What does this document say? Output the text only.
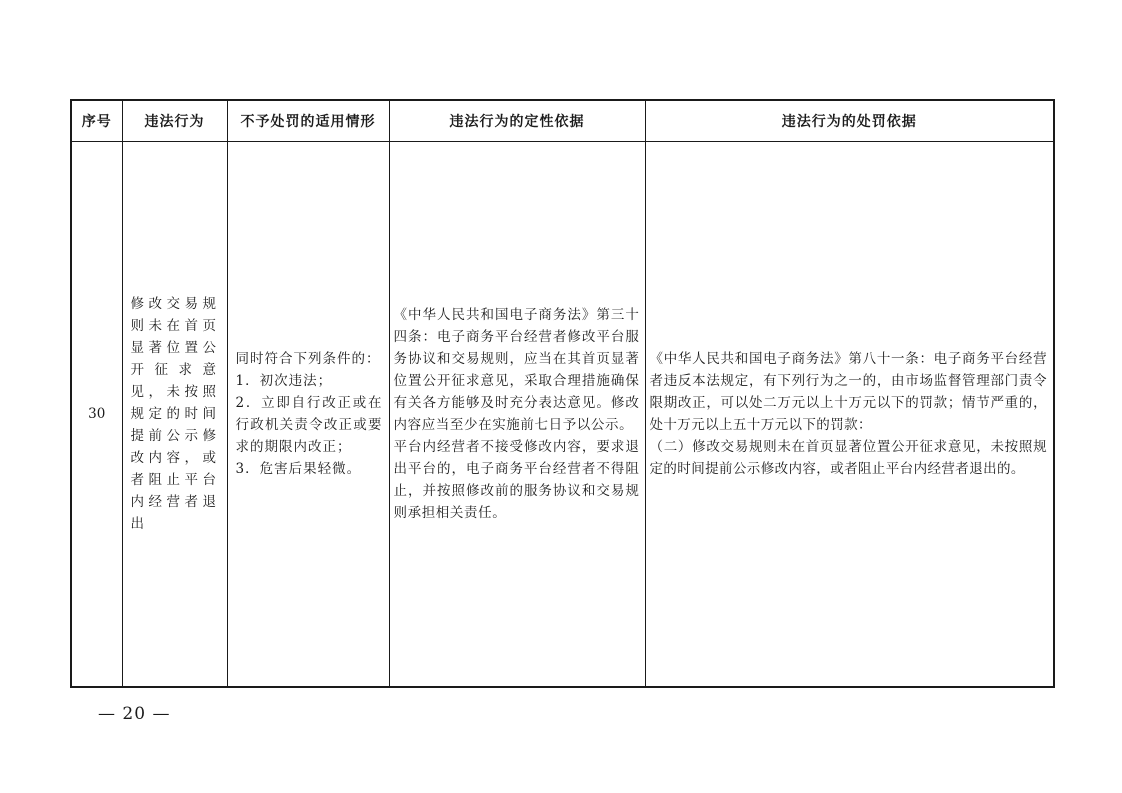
序号	违法行为	不予处罚的适用情形	违法行为的定性依据	违法行为的处罚依据
30	修改交易规则未在首页显著位置公开征求意见，未按照规定的时间提前公示修改内容，或者阻止平台内经营者退出	同时符合下列条件的：
1．初次违法；
2．立即自行改正或在行政机关责令改正或要求的期限内改正；
3．危害后果轻微。	《中华人民共和国电子商务法》第三十四条：电子商务平台经营者修改平台服务协议和交易规则，应当在其首页显著位置公开征求意见，采取合理措施确保有关各方能够及时充分表达意见。修改内容应当至少在实施前七日予以公示。
平台内经营者不接受修改内容，要求退出平台的，电子商务平台经营者不得阻止，并按照修改前的服务协议和交易规则承担相关责任。	《中华人民共和国电子商务法》第八十一条：电子商务平台经营者违反本法规定，有下列行为之一的，由市场监督管理部门责令限期改正，可以处二万元以上十万元以下的罚款；情节严重的，处十万元以上五十万元以下的罚款：
（二）修改交易规则未在首页显著位置公开征求意见，未按照规定的时间提前公示修改内容，或者阻止平台内经营者退出的。
— 20 —
